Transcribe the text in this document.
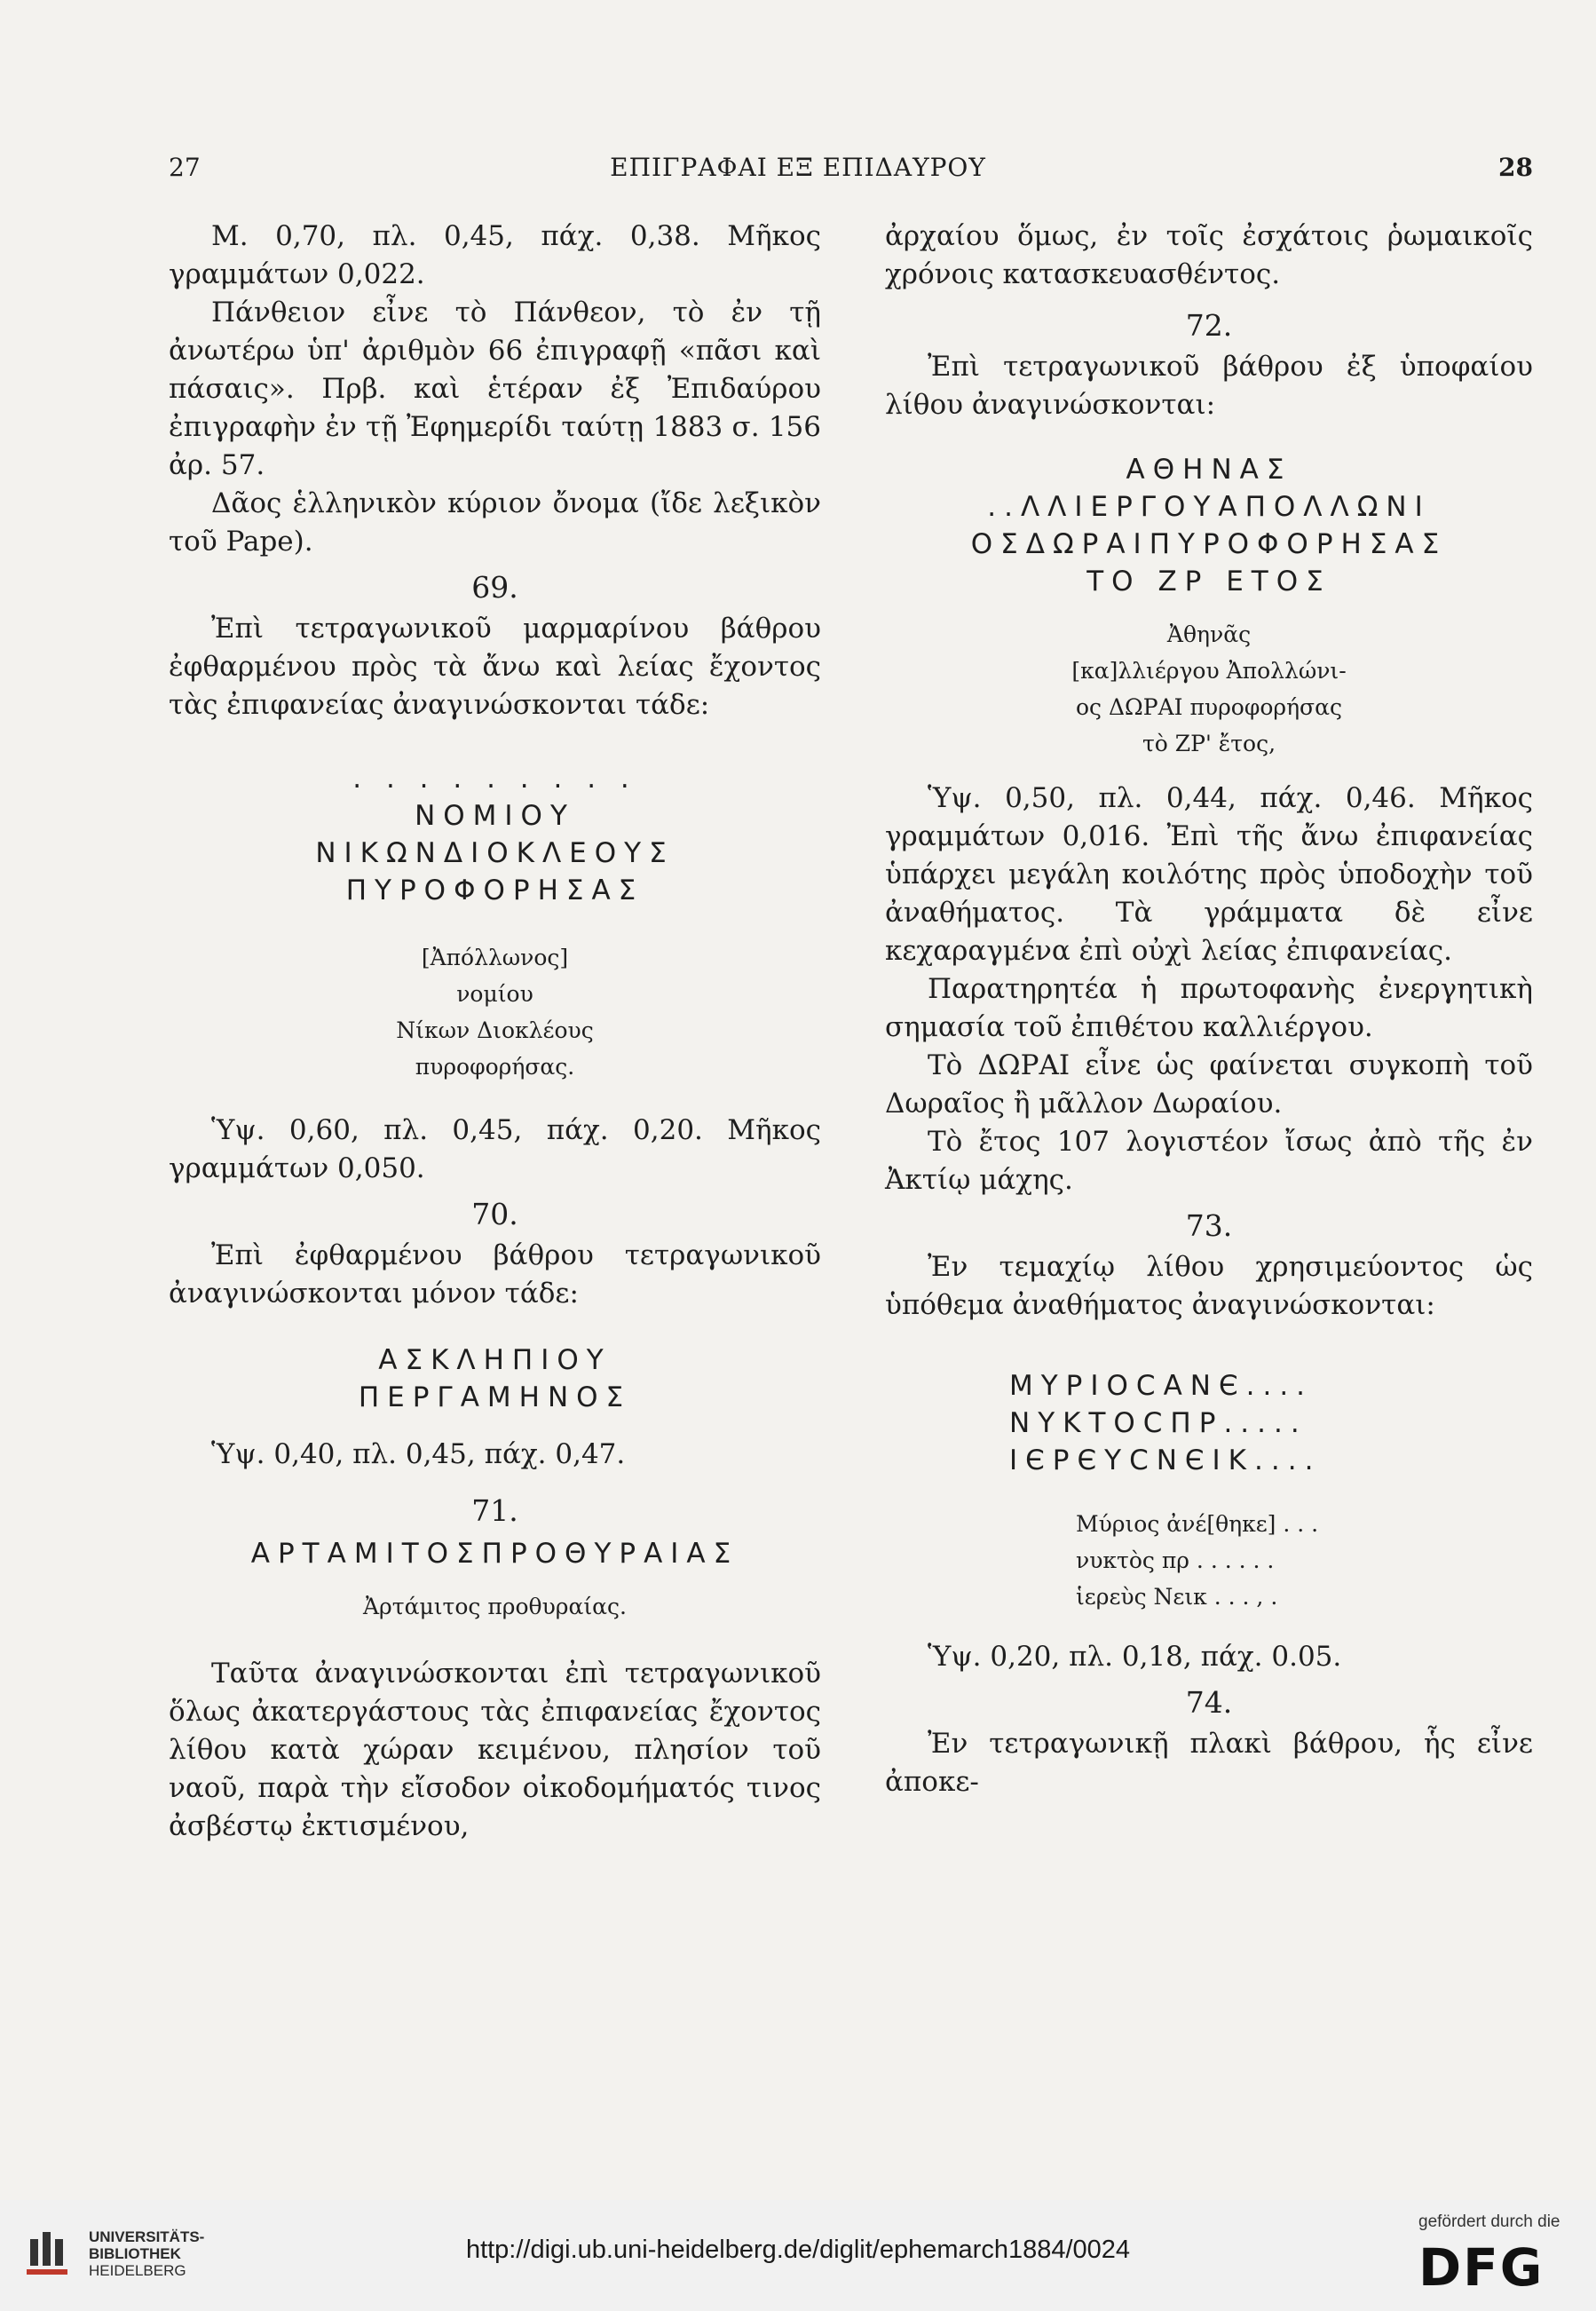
27	ΕΠΙΓΡΑΦΑΙ ΕΞ ΕΠΙΔΑΥΡΟΥ	28

Μ. 0,70, πλ. 0,45, πάχ. 0,38. Μῆκος γραμμάτων 0,022.

Πάνθειον εἶνε τὸ Πάνθεον, τὸ ἐν τῇ ἀνωτέρω ὑπ' ἀριθμὸν 66 ἐπιγραφῇ «πᾶσι καὶ πάσαις». Πρβ. καὶ ἑτέραν ἐξ Ἐπιδαύρου ἐπιγραφὴν ἐν τῇ Ἐφημερίδι ταύτῃ 1883 σ. 156 ἀρ. 57.

Δᾶος ἑλληνικὸν κύριον ὄνομα (ἴδε λεξικὸν τοῦ Pape).

69.

Ἐπὶ τετραγωνικοῦ μαρμαρίνου βάθρου ἐφθαρμένου πρὸς τὰ ἄνω καὶ λείας ἔχοντος τὰς ἐπιφανείας ἀναγινώσκονται τάδε:

. . . . . . . . .
ΝΟΜΙΟΥ
ΝΙΚΩΝΔΙΟΚΛΕΟΥΣ
ΠΥΡΟΦΟΡΗΣΑΣ
[Ἀπόλλωνος]
νομίου
Νίκων Διοκλέους
πυροφορήσας.

Ὑψ. 0,60, πλ. 0,45, πάχ. 0,20. Μῆκος γραμμάτων 0,050.

70.

Ἐπὶ ἐφθαρμένου βάθρου τετραγωνικοῦ ἀναγινώσκονται μόνον τάδε:

ΑΣΚΛΗΠΙΟΥ
ΠΕΡΓΑΜΗΝΟΣ

Ὑψ. 0,40, πλ. 0,45, πάχ. 0,47.

71.
ΑΡΤΑΜΙΤΟΣΠΡΟΘΥΡΑΙΑΣ
Ἀρτάμιτος προθυραίας.

Ταῦτα ἀναγινώσκονται ἐπὶ τετραγωνικοῦ ὅλως ἀκατεργάστους τὰς ἐπιφανείας ἔχοντος λίθου κατὰ χώραν κειμένου, πλησίον τοῦ ναοῦ, παρὰ τὴν εἴσοδον οἰκοδομήματός τινος ἀσβέστῳ ἐκτισμένου,

ἀρχαίου ὅμως, ἐν τοῖς ἐσχάτοις ῥωμαικοῖς χρόνοις κατασκευασθέντος.

72.

Ἐπὶ τετραγωνικοῦ βάθρου ἐξ ὑποφαίου λίθου ἀναγινώσκονται:

ΑΘΗΝΑΣ
..ΛΛΙΕΡΓΟΥΑΠΟΛΛΩΝΙ
ΟΣΔΩΡΑΙΠΥΡΟΦΟΡΗΣΑΣ
ΤΟ ΖΡ ΕΤΟΣ
Ἀθηνᾶς
[κα]λλιέργου Ἀπολλώνι-
ος ΔΩΡΑΙ πυροφορήσας
τὸ ΖΡ' ἔτος,

Ὑψ. 0,50, πλ. 0,44, πάχ. 0,46. Μῆκος γραμμάτων 0,016. Ἐπὶ τῆς ἄνω ἐπιφανείας ὑπάρχει μεγάλη κοιλότης πρὸς ὑποδοχὴν τοῦ ἀναθήματος. Τὰ γράμματα δὲ εἶνε κεχαραγμένα ἐπὶ οὐχὶ λείας ἐπιφανείας.

Παρατηρητέα ἡ πρωτοφανὴς ἐνεργητικὴ σημασία τοῦ ἐπιθέτου καλλιέργου.

Τὸ ΔΩΡΑΙ εἶνε ὡς φαίνεται συγκοπὴ τοῦ Δωραῖος ἢ μᾶλλον Δωραίου.

Τὸ ἔτος 107 λογιστέον ἴσως ἀπὸ τῆς ἐν Ἀκτίῳ μάχης.

73.

Ἐν τεμαχίῳ λίθου χρησιμεύοντος ὡς ὑπόθεμα ἀναθήματος ἀναγινώσκονται:

ΜΥΡΙΟCΑΝЄ....
ΝΥΚΤΟCΠΡ.....
ΙЄΡЄΥCΝЄΙΚ....
Μύριος ἀνέ[θηκε] . . .
νυκτὸς πρ . . . . . .
ἱερεὺς Νεικ . . . , .

Ὑψ. 0,20, πλ. 0,18, πάχ. 0.05.

74.

Ἐν τετραγωνικῇ πλακὶ βάθρου, ἧς εἶνε ἀποκε-

UNIVERSITÄTS-
BIBLIOTHEK
HEIDELBERG
http://digi.ub.uni-heidelberg.de/diglit/ephemarch1884/0024
gefördert durch die
DFG
